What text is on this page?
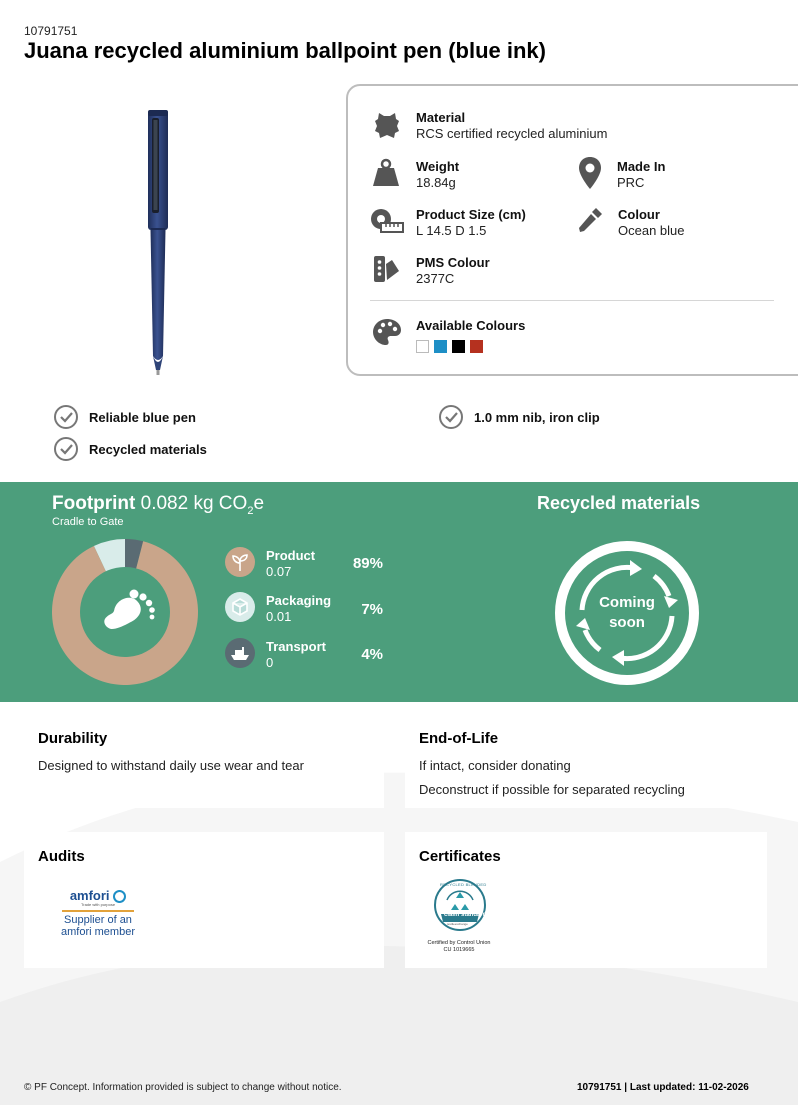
10791751
Juana recycled aluminium ballpoint pen (blue ink)
Material
RCS certified recycled aluminium
Weight
18.84g
Made In
PRC
Product Size (cm)
L 14.5 D 1.5
Colour
Ocean blue
PMS Colour
2377C
Available Colours
Reliable blue pen
Recycled materials
1.0 mm nib, iron clip
Footprint 0.082 kg $CO_2e$
Cradle to Gate
Product
0.07	89%
Packaging
0.01	7%
Transport
0	4%
Recycled materials
Coming
soon
Durability
Designed to withstand daily use wear and tear
End-of-Life
If intact, consider donating
Deconstruct if possible for separated recycling
Audits
amfori
Trade with purpose
Supplier of an
amfori member
Certificates
RECYCLED BLENDED
claim standard
textileexchange
Certified by Control Union
CU 1019665
© PF Concept. Information provided is subject to change without notice.	10791751 | Last updated: 11-02-2026
